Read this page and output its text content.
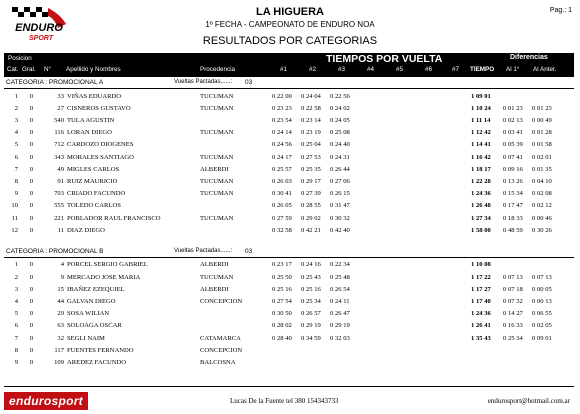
ENDURO
SPORT
LA HIGUERA
1º FECHA - CAMPEONATO DE ENDURO NOA
RESULTADOS POR CATEGORIAS
Pag.: 1
Posicion
Cat. Gral. N° Apellido y Nombres	Procedencia
TIEMPOS POR VUELTA	Diferencias
#1	#2	#3	#4	#5	#6	#7 TIEMPO Al 1° Al Anter.
CATEGORIA : PROMOCIONAL A	Vueltas Pactadas......: 03
1	0	33 VIÑAS EDUARDO	TUCUMAN	0 22 00	0 24 04	0 22 56	1 09 01
2	0	27 CISNEROS GUSTAVO	TUCUMAN	0 23 23	0 22 58	0 24 02	1 10 24	0 01 23	0 01 23
3	0	540 TULA AGUSTIN	0 23 54	0 23 14	0 24 05	1 11 14	0 02 13	0 00 49
4	0	116 LORAN DIEGO	TUCUMAN	0 24 14	0 23 19	0 25 08	1 12 42	0 03 41	0 01 28
5	0	712 CARDOZO DIOGENES	0 24 56	0 25 04	0 24 40	1 14 41	0 05 39	0 01 58
6	0	343 MORALES SANTIAGO	TUCUMAN	0 24 17	0 27 53	0 24 31	1 16 42	0 07 41	0 02 01
7	0	49 MIGLES CARLOS	ALBERDI	0 25 57	0 25 35	0 26 44	1 18 17	0 09 16	0 01 35
8	0	91 RUIZ MAURICIO	TUCUMAN	0 26 03	0 29 17	0 27 06	1 22 28	0 13 26	0 04 10
9	0	703 CRIADO FACUNDO	TUCUMAN	0 30 41	0 27 39	0 26 15	1 24 36	0 15 34	0 02 08
10	0	555 TOLEDO CARLOS	0 26 05	0 28 55	0 31 47	1 26 48	0 17 47	0 02 12
11	0	221 POBLADOR RAUL FRANCISCO	TUCUMAN	0 27 59	0 29 02	0 30 32	1 27 34	0 18 33	0 00 46
12	0	11 DIAZ DIEGO	0 32 58	0 42 21	0 42 40	1 58 00	0 48 59	0 30 26
CATEGORIA : PROMOCIONAL B	Vueltas Pactadas......: 03
1	0	4 PORCEL SERGIO GABRIEL	ALBERDI	0 23 17	0 24 16	0 22 34	1 10 08
2	0	9 MERCADO JOSE MARIA	TUCUMAN	0 25 50	0 25 43	0 25 48	1 17 22	0 07 13	0 07 13
3	0	15 IBAÑEZ EZEQUIEL	ALBERDI	0 25 16	0 25 16	0 26 54	1 17 27	0 07 18	0 00 05
4	0	44 GALVAN DIEGO	CONCEPCION	0 27 54	0 25 34	0 24 11	1 17 40	0 07 32	0 00 13
5	0	29 SOSA WILIAN	0 30 50	0 26 57	0 26 47	1 24 36	0 14 27	0 06 55
6	0	63 SOLOAGA OSCAR	0 28 02	0 29 19	0 29 19	1 26 41	0 16 33	0 02 05
7	0	32 SEGLI NAIM	CATAMARCA	0 28 40	0 34 59	0 32 03	1 35 43	0 25 34	0 09 01
8	0	117 FUENTES FERNANDO	CONCEPCION
9	0	109 AREDEZ FACUNDO	BALCOSNA
endurosport	Lucas De la Fuente tel 380 154343733	endurosport@hotmail.com.ar
